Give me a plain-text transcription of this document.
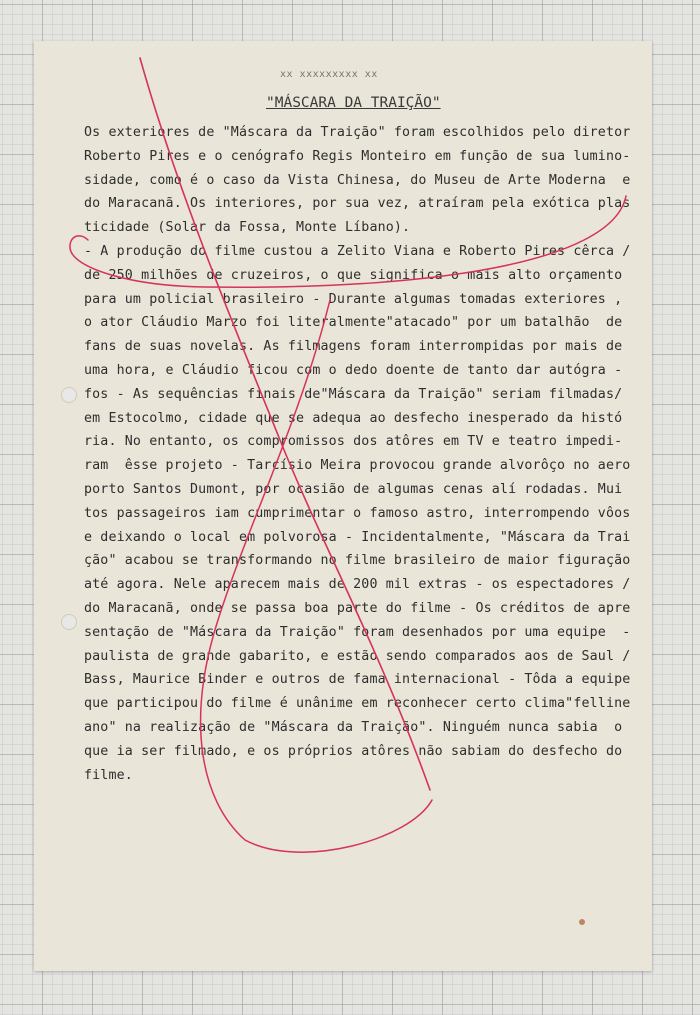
xx xxxxxxxxx xx
"MÁSCARA DA TRAIÇÃO"
Os exteriores de "Máscara da Traição" foram escolhidos pelo diretor
Roberto Pires e o cenógrafo Regis Monteiro em função de sua lumino-
sidade, como é o caso da Vista Chinesa, do Museu de Arte Moderna  e
do Maracanã. Os interiores, por sua vez, atraíram pela exótica plas
ticidade (Solar da Fossa, Monte Líbano).
- A produção do filme custou a Zelito Viana e Roberto Pires cêrca /
de 250 milhões de cruzeiros, o que significa o mais alto orçamento
para um policial brasileiro - Durante algumas tomadas exteriores ,
o ator Cláudio Marzo foi literalmente"atacado" por um batalhão  de
fans de suas novelas. As filmagens foram interrompidas por mais de
uma hora, e Cláudio ficou com o dedo doente de tanto dar autógra -
fos - As sequências finais de"Máscara da Traição" seriam filmadas/
em Estocolmo, cidade que se adequa ao desfecho inesperado da histó
ria. No entanto, os compromissos dos atôres em TV e teatro impedi-
ram  êsse projeto - Tarcísio Meira provocou grande alvorôço no aero
porto Santos Dumont, por ocasião de algumas cenas alí rodadas. Mui
tos passageiros iam cumprimentar o famoso astro, interrompendo vôos
e deixando o local em polvorosa - Incidentalmente, "Máscara da Trai
ção" acabou se transformando no filme brasileiro de maior figuração
até agora. Nele aparecem mais de 200 mil extras - os espectadores /
do Maracanã, onde se passa boa parte do filme - Os créditos de apre
sentação de "Máscara da Traição" foram desenhados por uma equipe  -
paulista de grande gabarito, e estão sendo comparados aos de Saul /
Bass, Maurice Binder e outros de fama internacional - Tôda a equipe
que participou do filme é unânime em reconhecer certo clima"felline
ano" na realização de "Máscara da Traição". Ninguém nunca sabia  o
que ia ser filmado, e os próprios atôres não sabiam do desfecho do
filme.
